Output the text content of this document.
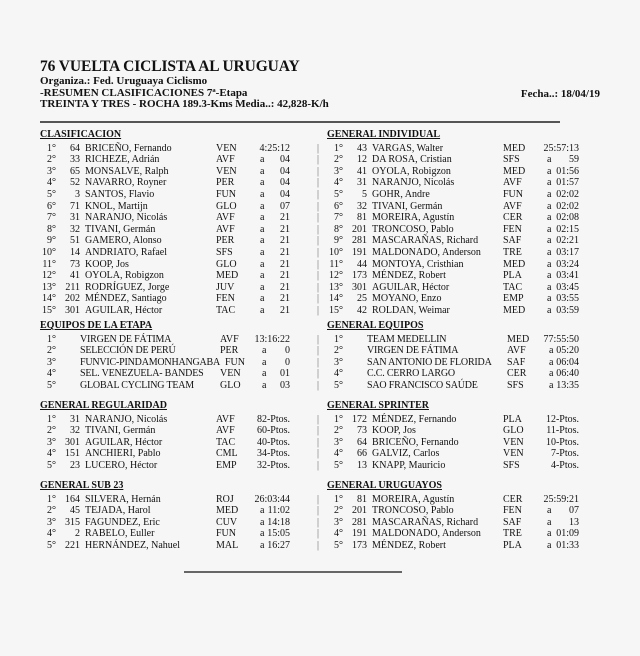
76 VUELTA CICLISTA AL URUGUAY
Organiza.: Fed. Uruguaya Ciclismo
-RESUMEN CLASIFICACIONES 7ª-Etapa	Fecha..: 18/04/19
TREINTA Y TRES - ROCHA 189.3-Kms Media..: 42,828-K/h
CLASIFICACION
1°	64 BRICEÑO, Fernando	VEN 4:25:12
2°	33 RICHEZE, Adrián	AVF	a 04
3°	65 MONSALVE, Ralph	VEN a 04
4°	52 NAVARRO, Royner	PER	a 04
5°	3 SANTOS, Flavio	FUN a 04
6°	71 KNOL, Martijn	GLO a 07
7°	31 NARANJO, Nicolás	AVF	a 21
8°	32 TIVANI, Germán	AVF	a 21
9°	51 GAMERO, Alonso	PER	a 21
10°	14 ANDRIATO, Rafael	SFS	a 21
11°	73 KOOP, Jos	GLO a 21
12°	41 OYOLA, Robigzon	MED a 21
13° 211 RODRÍGUEZ, Jorge	JUV	a 21
14° 202 MÉNDEZ, Santiago	FEN	a 21
15° 301 AGUILAR, Héctor	TAC a 21
GENERAL INDIVIDUAL
|	1°	43 VARGAS, Walter	MED 25:57:13
|	2°	12 DA ROSA, Cristian	SFS	a 59
|	3°	41 OYOLA, Robigzon	MED a 01:56
|	4°	31 NARANJO, Nicolás	AVF	a 01:57
|	5°	5 GOHR, Andre	FUN a 02:02
|	6°	32 TIVANI, Germán	AVF	a 02:02
|	7°	81 MOREIRA, Agustín	CER a 02:08
|	8° 201 TRONCOSO, Pablo	FEN	a 02:15
|	9° 281 MASCARAÑAS, Richard SAF	a 02:21
| 10° 191 MALDONADO, Anderson TRE	a 03:17
| 11°	44 MONTOYA, Cristhian	MED a 03:24
| 12° 173 MÉNDEZ, Robert	PLA	a 03:41
| 13° 301 AGUILAR, Héctor	TAC a 03:45
| 14°	25 MOYANO, Enzo	EMP a 03:55
| 15°	42 ROLDAN, Weimar	MED a 03:59
EQUIPOS DE LA ETAPA
1° VIRGEN DE FÁTIMA	AVF 13:16:22
2° SELECCIÓN DE PERÚ	PER a 0
3° FUNVIC-PINDAMONHANGABA FUN a 0
4° SEL. VENEZUELA- BANDES VEN a 01
5° GLOBAL CYCLING TEAM	GLO a 03
GENERAL EQUIPOS
|	1° TEAM MEDELLIN	MED 77:55:50
|	2° VIRGEN DE FÁTIMA	AVF a 05:20
|	3° SAN ANTONIO DE FLORIDA SAF a 06:04
|	4° C.C. CERRO LARGO	CER a 06:40
|	5° SAO FRANCISCO SAÚDE	SFS	a 13:35
GENERAL REGULARIDAD
1°	31 NARANJO, Nicolás	AVF 82-Ptos.
2°	32 TIVANI, Germán	AVF 60-Ptos.
3° 301 AGUILAR, Héctor	TAC 40-Ptos.
4° 151 ANCHIERI, Pablo	CML 34-Ptos.
5°	23 LUCERO, Héctor	EMP 32-Ptos.
GENERAL SPRINTER
|	1° 172 MÉNDEZ, Fernando	PLA 12-Ptos.
|	2°	73 KOOP, Jos	GLO 11-Ptos.
|	3°	64 BRICEÑO, Fernando	VEN 10-Ptos.
|	4°	66 GALVIZ, Carlos	VEN	7-Ptos.
|	5°	13 KNAPP, Mauricio	SFS	4-Ptos.
GENERAL SUB 23
1° 164 SILVERA, Hernán	ROJ 26:03:44
2°	45 TEJADA, Harol	MED a 11:02
3° 315 FAGUNDEZ, Eric	CUV a 14:18
4°	2 RABELO, Euller	FUN a 15:05
5° 221 HERNÁNDEZ, Nahuel	MAL a 16:27
GENERAL URUGUAYOS
|	1°	81 MOREIRA, Agustín	CER 25:59:21
|	2° 201 TRONCOSO, Pablo	FEN	a 07
|	3° 281 MASCARAÑAS, Richard SAF	a 13
|	4° 191 MALDONADO, Anderson TRE	a 01:09
|	5° 173 MÉNDEZ, Robert	PLA	a 01:33
